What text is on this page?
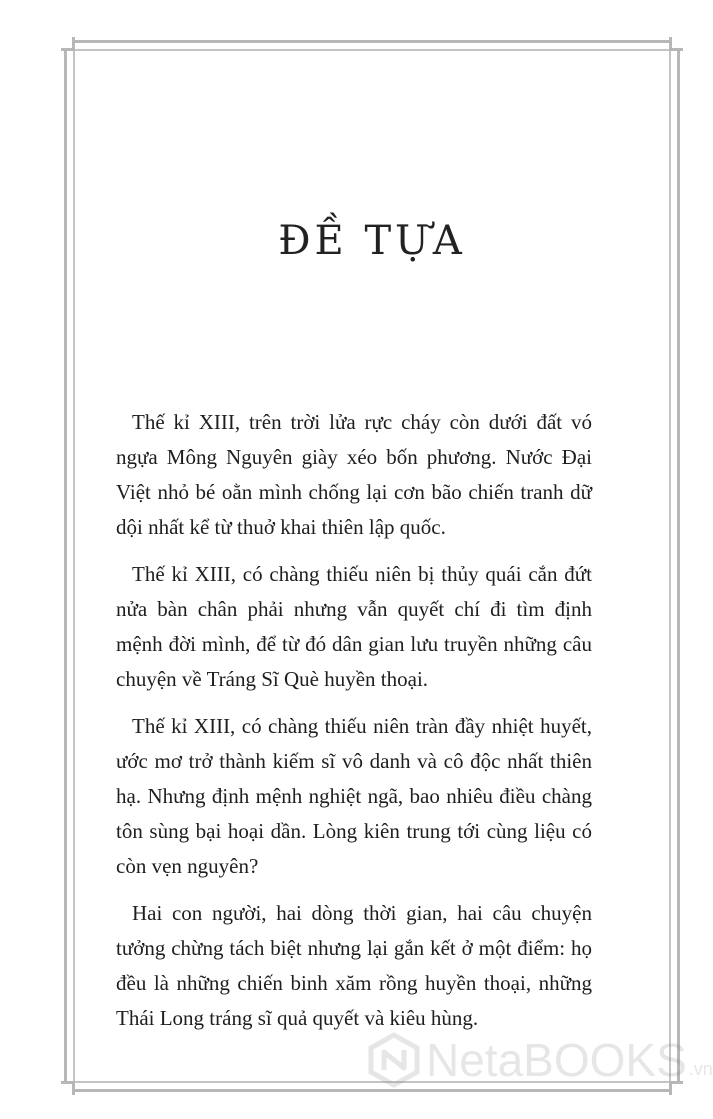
ĐỀ TỰA

Thế kỉ XIII, trên trời lửa rực cháy còn dưới đất vó ngựa Mông Nguyên giày xéo bốn phương. Nước Đại Việt nhỏ bé oằn mình chống lại cơn bão chiến tranh dữ dội nhất kể từ thuở khai thiên lập quốc.

Thế kỉ XIII, có chàng thiếu niên bị thủy quái cắn đứt nửa bàn chân phải nhưng vẫn quyết chí đi tìm định mệnh đời mình, để từ đó dân gian lưu truyền những câu chuyện về Tráng Sĩ Què huyền thoại.

Thế kỉ XIII, có chàng thiếu niên tràn đầy nhiệt huyết, ước mơ trở thành kiếm sĩ vô danh và cô độc nhất thiên hạ. Nhưng định mệnh nghiệt ngã, bao nhiêu điều chàng tôn sùng bại hoại dần. Lòng kiên trung tới cùng liệu có còn vẹn nguyên?

Hai con người, hai dòng thời gian, hai câu chuyện tưởng chừng tách biệt nhưng lại gắn kết ở một điểm: họ đều là những chiến binh xăm rồng huyền thoại, những Thái Long tráng sĩ quả quyết và kiêu hùng.

NetaBOOKS .vn
